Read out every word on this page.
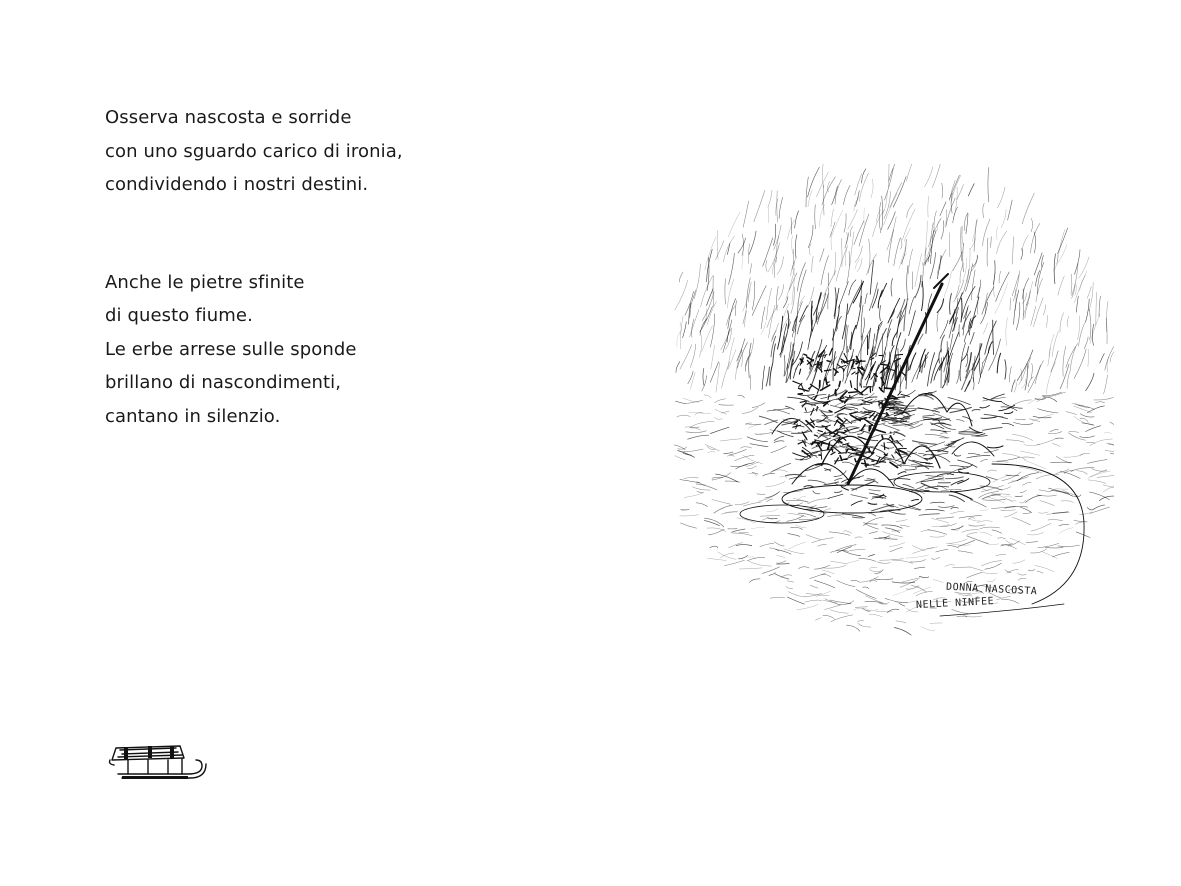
Osserva nascosta e sorride
con uno sguardo carico di ironia,
condividendo i nostri destini.

Anche le pietre sfinite
di questo fiume.
Le erbe arrese sulle sponde
brillano di nascondimenti,
cantano in silenzio.

DONNA NASCOSTA
NELLE NINFEE
